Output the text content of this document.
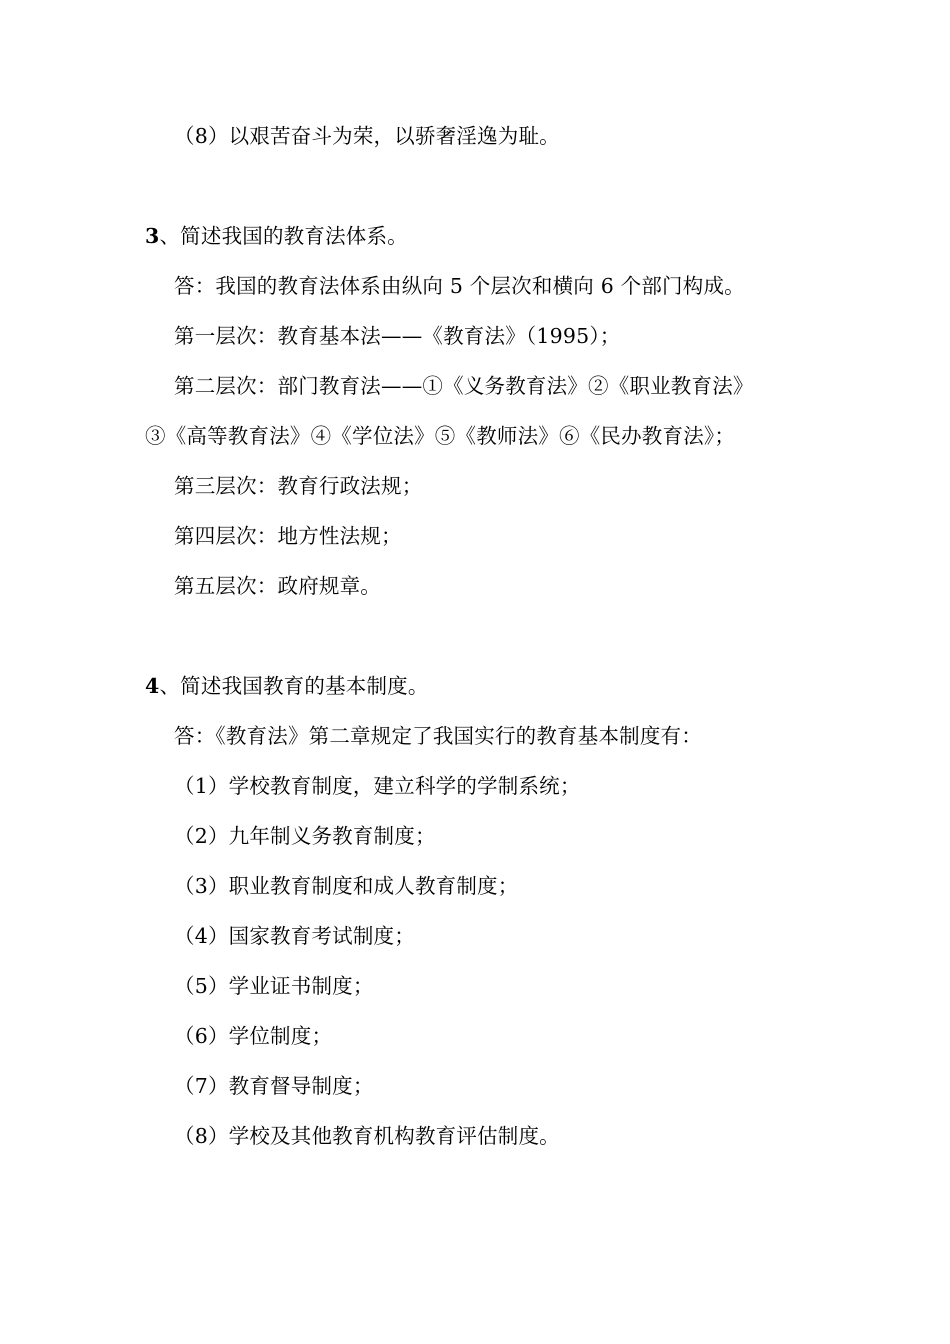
（8）以艰苦奋斗为荣，以骄奢淫逸为耻。
3、简述我国的教育法体系。
答：我国的教育法体系由纵向 5 个层次和横向 6 个部门构成。
第一层次：教育基本法——《教育法》（1995）；
第二层次：部门教育法——①《义务教育法》②《职业教育法》
③《高等教育法》④《学位法》⑤《教师法》⑥《民办教育法》；
第三层次：教育行政法规；
第四层次：地方性法规；
第五层次：政府规章。
4、简述我国教育的基本制度。
答：《教育法》第二章规定了我国实行的教育基本制度有：
（1）学校教育制度，建立科学的学制系统；
（2）九年制义务教育制度；
（3）职业教育制度和成人教育制度；
（4）国家教育考试制度；
（5）学业证书制度；
（6）学位制度；
（7）教育督导制度；
（8）学校及其他教育机构教育评估制度。
